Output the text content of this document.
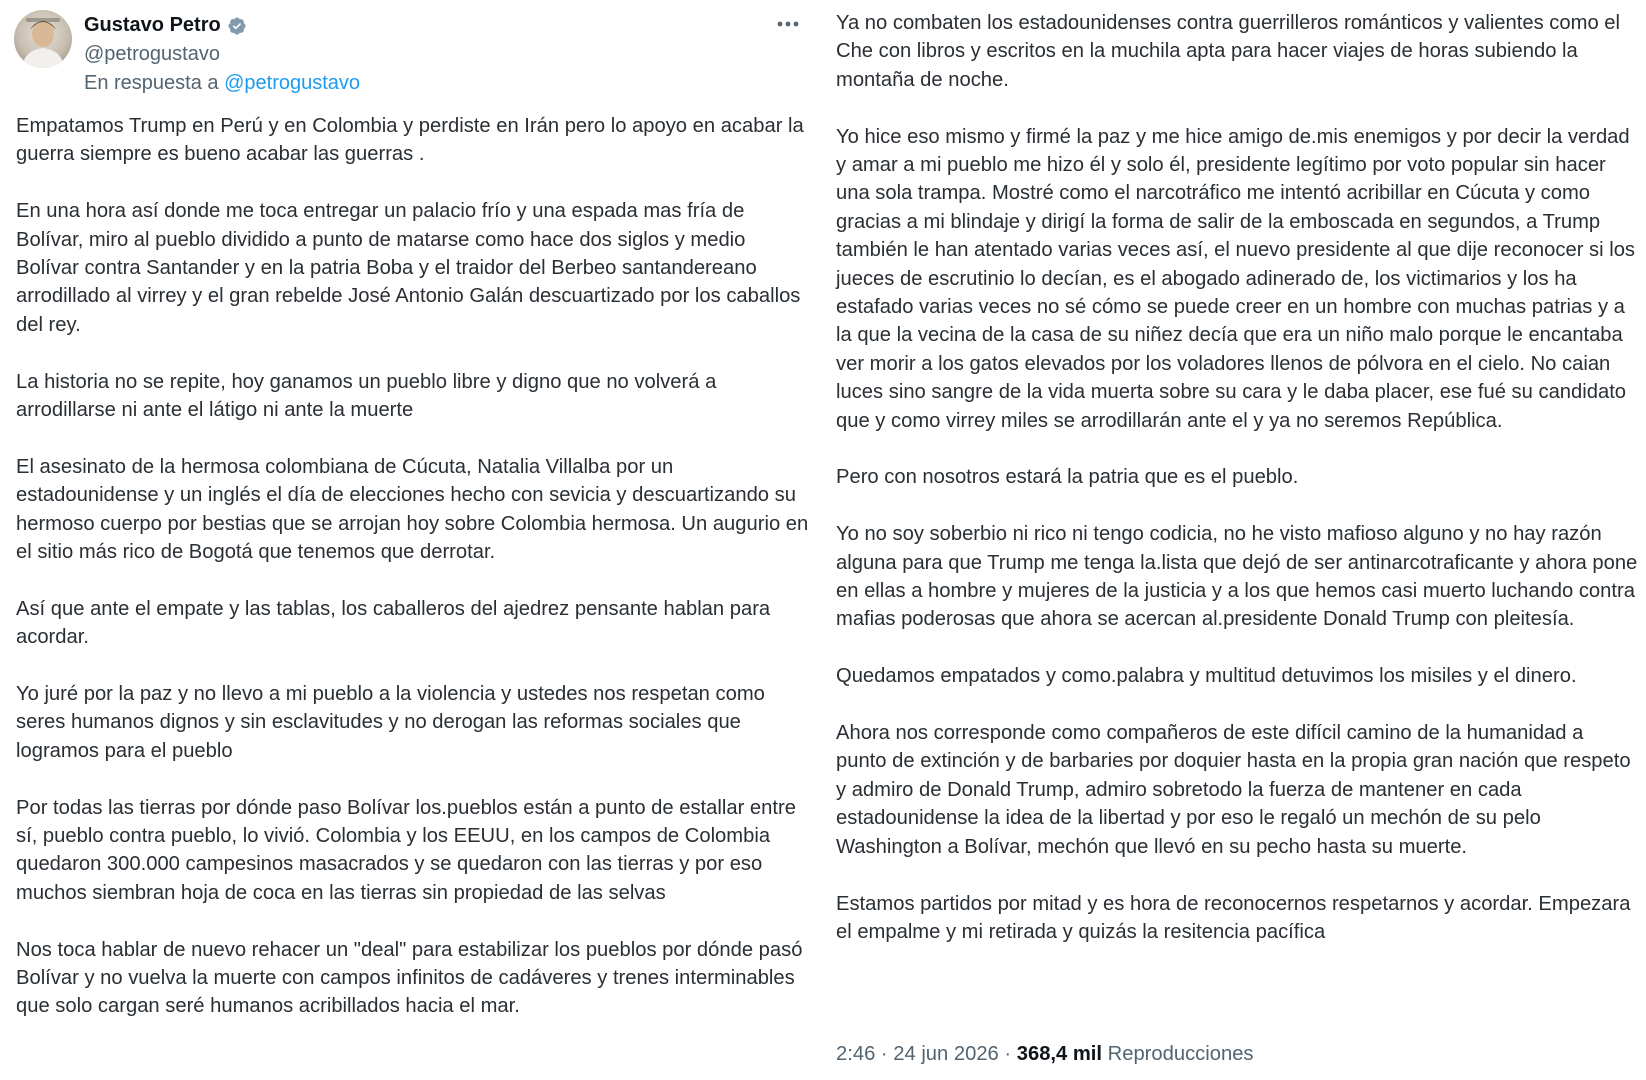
Gustavo Petro
@petrogustavo
En respuesta a @petrogustavo

Empatamos Trump en Perú y en Colombia y perdiste en Irán pero lo apoyo en acabar la guerra siempre es bueno acabar las guerras .

En una hora así donde me toca entregar un palacio frío y una espada mas fría de Bolívar, miro al pueblo dividido a punto de matarse como hace dos siglos y medio Bolívar contra Santander y en la patria Boba y el traidor del Berbeo santandereano arrodillado al virrey y el gran rebelde José Antonio Galán descuartizado por los caballos del rey.

La historia no se repite, hoy ganamos un pueblo libre y digno que no volverá a arrodillarse ni ante el látigo ni ante la muerte

El asesinato de la hermosa colombiana de Cúcuta, Natalia Villalba por un estadounidense y un inglés el día de elecciones hecho con sevicia y descuartizando su hermoso cuerpo por bestias que se arrojan hoy sobre Colombia hermosa. Un augurio en el sitio más rico de Bogotá que tenemos que derrotar.

Así que ante el empate y las tablas, los caballeros del ajedrez pensante hablan para acordar.

Yo juré por la paz y no llevo a mi pueblo a la violencia y ustedes nos respetan como seres humanos dignos y sin esclavitudes y no derogan las reformas sociales que logramos para el pueblo

Por todas las tierras por dónde paso Bolívar los.pueblos están a punto de estallar entre sí, pueblo contra pueblo, lo vivió. Colombia y los EEUU, en los campos de Colombia quedaron 300.000 campesinos masacrados y se quedaron con las tierras y por eso muchos siembran hoja de coca en las tierras sin propiedad de las selvas

Nos toca hablar de nuevo rehacer un "deal" para estabilizar los pueblos por dónde pasó Bolívar y no vuelva la muerte con campos infinitos de cadáveres y trenes interminables que solo cargan seré humanos acribillados hacia el mar.

Ya no combaten los estadounidenses contra guerrilleros románticos y valientes como el Che con libros y escritos en la muchila apta para hacer viajes de horas subiendo la montaña de noche.

Yo hice eso mismo y firmé la paz y me hice amigo de.mis enemigos y por decir la verdad y amar a mi pueblo me hizo él y solo él, presidente legítimo por voto popular sin hacer una sola trampa. Mostré como el narcotráfico me intentó acribillar en Cúcuta y como gracias a mi blindaje y dirigí la forma de salir de la emboscada en segundos, a Trump también le han atentado varias veces así, el nuevo presidente al que dije reconocer si los jueces de escrutinio lo decían, es el abogado adinerado de, los victimarios y los ha estafado varias veces no sé cómo se puede creer en un hombre con muchas patrias y a la que la vecina de la casa de su niñez decía que era un niño malo porque le encantaba ver morir a los gatos elevados por los voladores llenos de pólvora en el cielo. No caian luces sino sangre de la vida muerta sobre su cara y le daba placer, ese fué su candidato que y como virrey miles se arrodillarán ante el y ya no seremos República.

Pero con nosotros estará la patria que es el pueblo.

Yo no soy soberbio ni rico ni tengo codicia, no he visto mafioso alguno y no hay razón alguna para que Trump me tenga la.lista que dejó de ser antinarcotraficante y ahora pone en ellas a hombre y mujeres de la justicia y a los que hemos casi muerto luchando contra mafias poderosas que ahora se acercan al.presidente Donald Trump con pleitesía.

Quedamos empatados y como.palabra y multitud detuvimos los misiles y el dinero.

Ahora nos corresponde como compañeros de este difícil camino de la humanidad a punto de extinción y de barbaries por doquier hasta en la propia gran nación que respeto y admiro de Donald Trump, admiro sobretodo la fuerza de mantener en cada estadounidense la idea de la libertad y por eso le regaló un mechón de su pelo Washington a Bolívar, mechón que llevó en su pecho hasta su muerte.

Estamos partidos por mitad y es hora de reconocernos respetarnos y acordar. Empezara el empalme y mi retirada y quizás la resitencia pacífica

2:46 · 24 jun 2026 · 368,4 mil Reproducciones
